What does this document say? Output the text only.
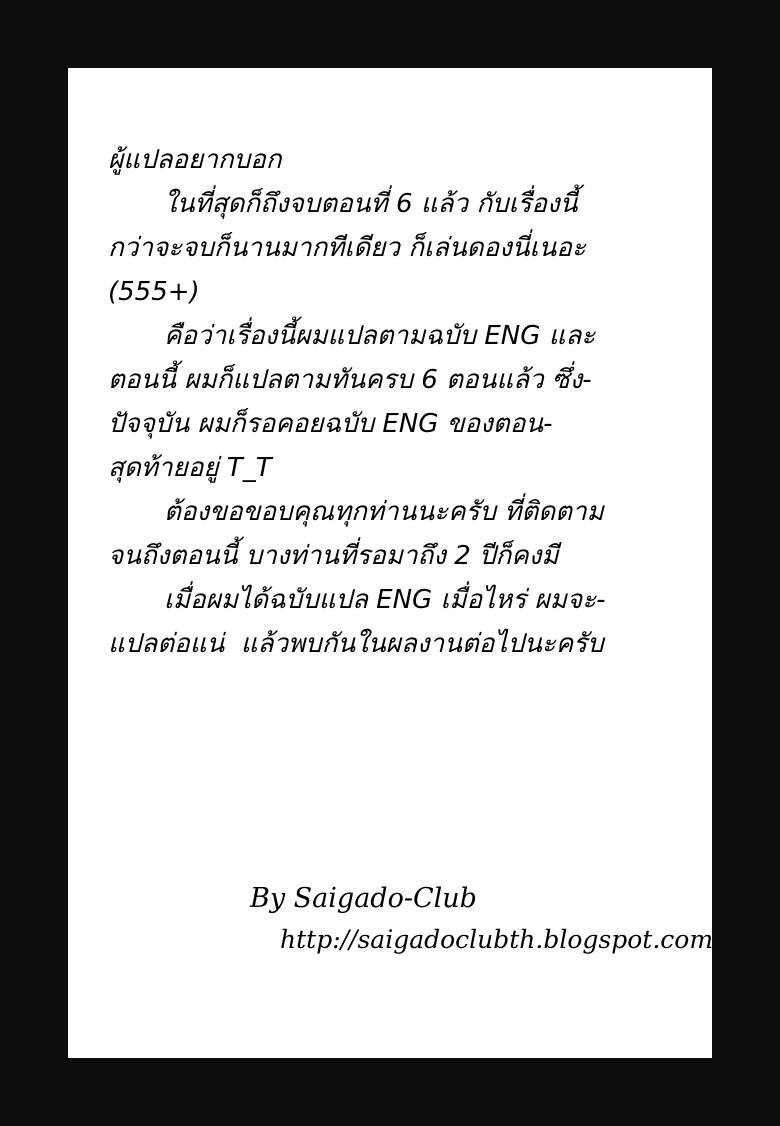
ผู้แปลอยากบอก
ในที่สุดก็ถึงจบตอนที่ 6 แล้ว กับเรื่องนี้
กว่าจะจบก็นานมากทีเดียว ก็เล่นดองนี่เนอะ
(555+)
คือว่าเรื่องนี้ผมแปลตามฉบับ ENG และ
ตอนนี้ ผมก็แปลตามทันครบ 6 ตอนแล้ว ซึ่ง-
ปัจจุบัน ผมก็รอคอยฉบับ ENG ของตอน-
สุดท้ายอยู่ T_T
ต้องขอขอบคุณทุกท่านนะครับ ที่ติดตาม
จนถึงตอนนี้ บางท่านที่รอมาถึง 2 ปีก็คงมี
เมื่อผมได้ฉบับแปล ENG เมื่อไหร่ ผมจะ-
แปลต่อแน่  แล้วพบกันในผลงานต่อไปนะครับ
By Saigado-Club
http://saigadoclubth.blogspot.com
